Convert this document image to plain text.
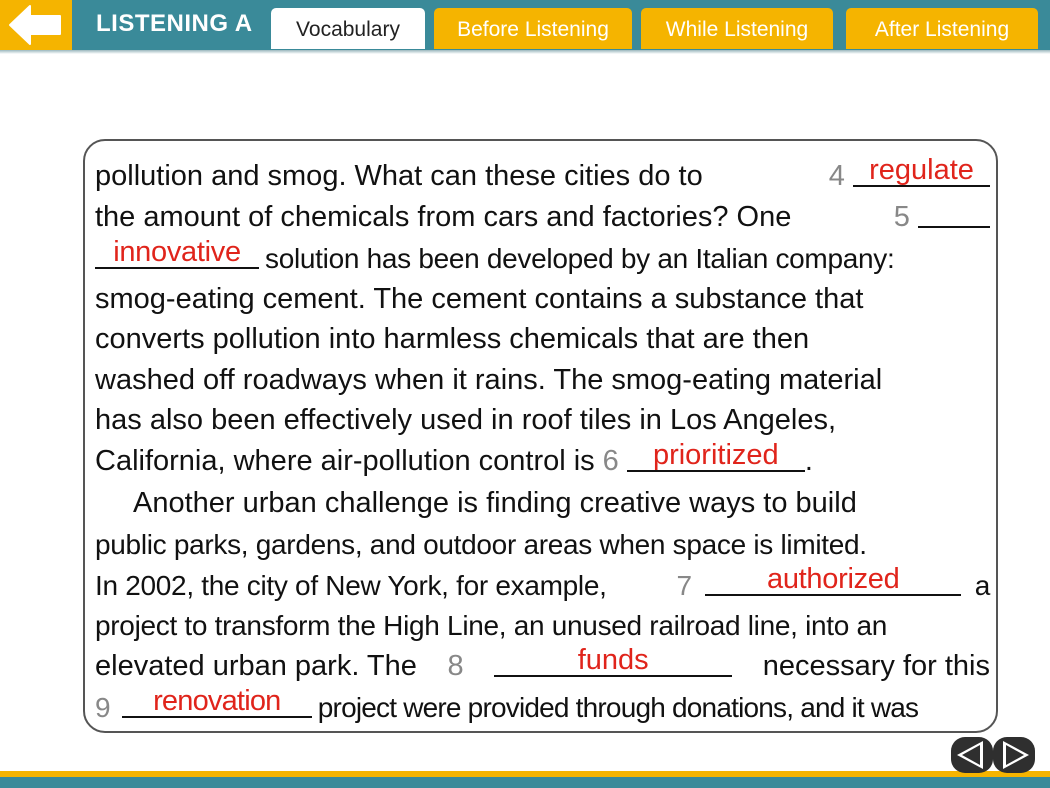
LISTENING A	Vocabulary	Before Listening	While Listening	After Listening
pollution and smog. What can these cities do to	4 regulate
the amount of chemicals from cars and factories? One	5
innovative solution has been developed by an Italian company:
smog-eating cement. The cement contains a substance that
converts pollution into harmless chemicals that are then
washed off roadways when it rains. The smog-eating material
has also been effectively used in roof tiles in Los Angeles,
California, where air-pollution control is 6	prioritized .
Another urban challenge is finding creative ways to build
public parks, gardens, and outdoor areas when space is limited.
In 2002, the city of New York, for example, 7	authorized	a
project to transform the High Line, an unused railroad line, into an
elevated urban park. The 8	funds	necessary for this
9	renovation	project were provided through donations, and it was
